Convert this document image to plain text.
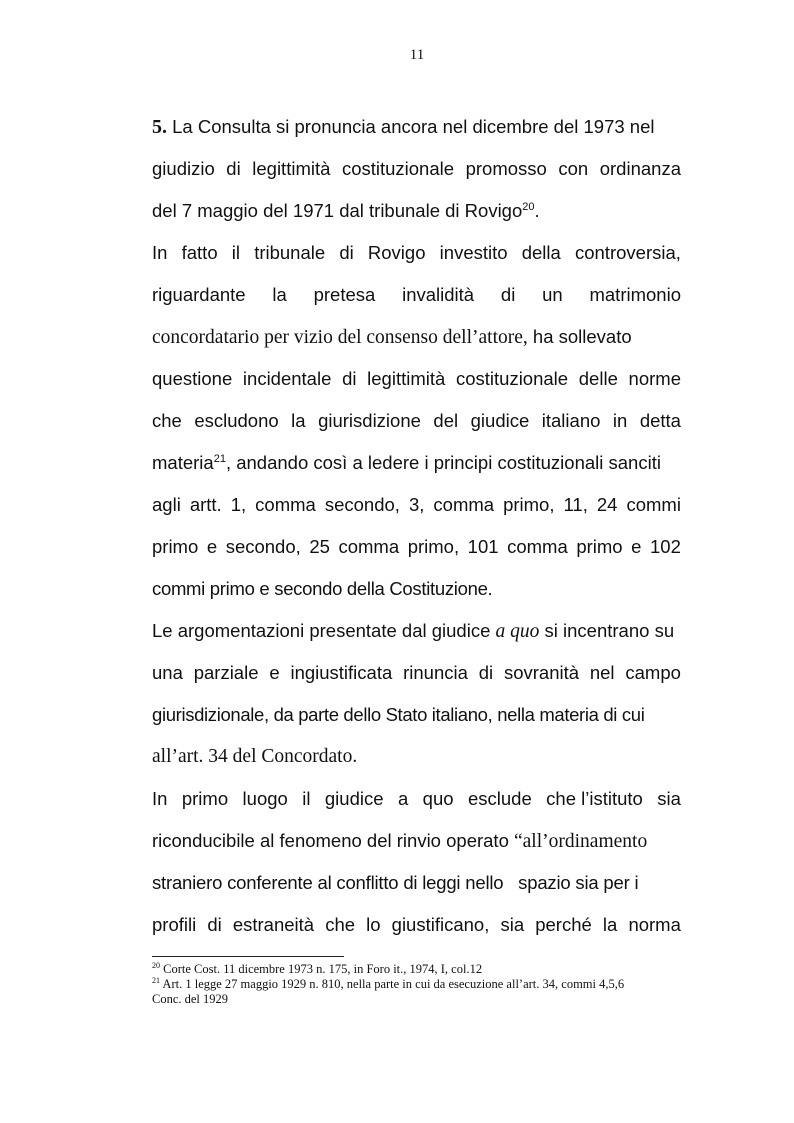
11
5. La Consulta si pronuncia ancora nel dicembre del 1973 nel
giudizio di legittimità costituzionale promosso con ordinanza
del 7 maggio del 1971 dal tribunale di Rovigo$^{20}$.
In fatto il tribunale di Rovigo investito della controversia,
riguardante la pretesa invalidità di un matrimonio
concordatario per vizio del consenso dell’attore, ha sollevato
questione incidentale di legittimità costituzionale delle norme
che escludono la giurisdizione del giudice italiano in detta
materia$^{21}$, andando così a ledere i principi costituzionali sanciti
agli artt. 1, comma secondo, 3, comma primo, 11, 24 commi
primo e secondo, 25 comma primo, 101 comma primo e 102
commi primo e secondo della Costituzione.
Le argomentazioni presentate dal giudice a quo si incentrano su
una parziale e ingiustificata rinuncia di sovranità nel campo
giurisdizionale, da parte dello Stato italiano, nella materia di cui
all’art. 34 del Concordato.
In primo luogo il giudice a quo esclude che l’istituto sia
riconducibile al fenomeno del rinvio operato “all’ordinamento
straniero conferente al conflitto di leggi nello   spazio sia per i
profili di estraneità che lo giustificano, sia perché la norma
$^{20}$ Corte Cost. 11 dicembre 1973 n. 175, in Foro it., 1974, I, col.12
$^{21}$ Art. 1 legge 27 maggio 1929 n. 810, nella parte in cui da esecuzione all’art. 34, commi 4,5,6
Conc. del 1929
